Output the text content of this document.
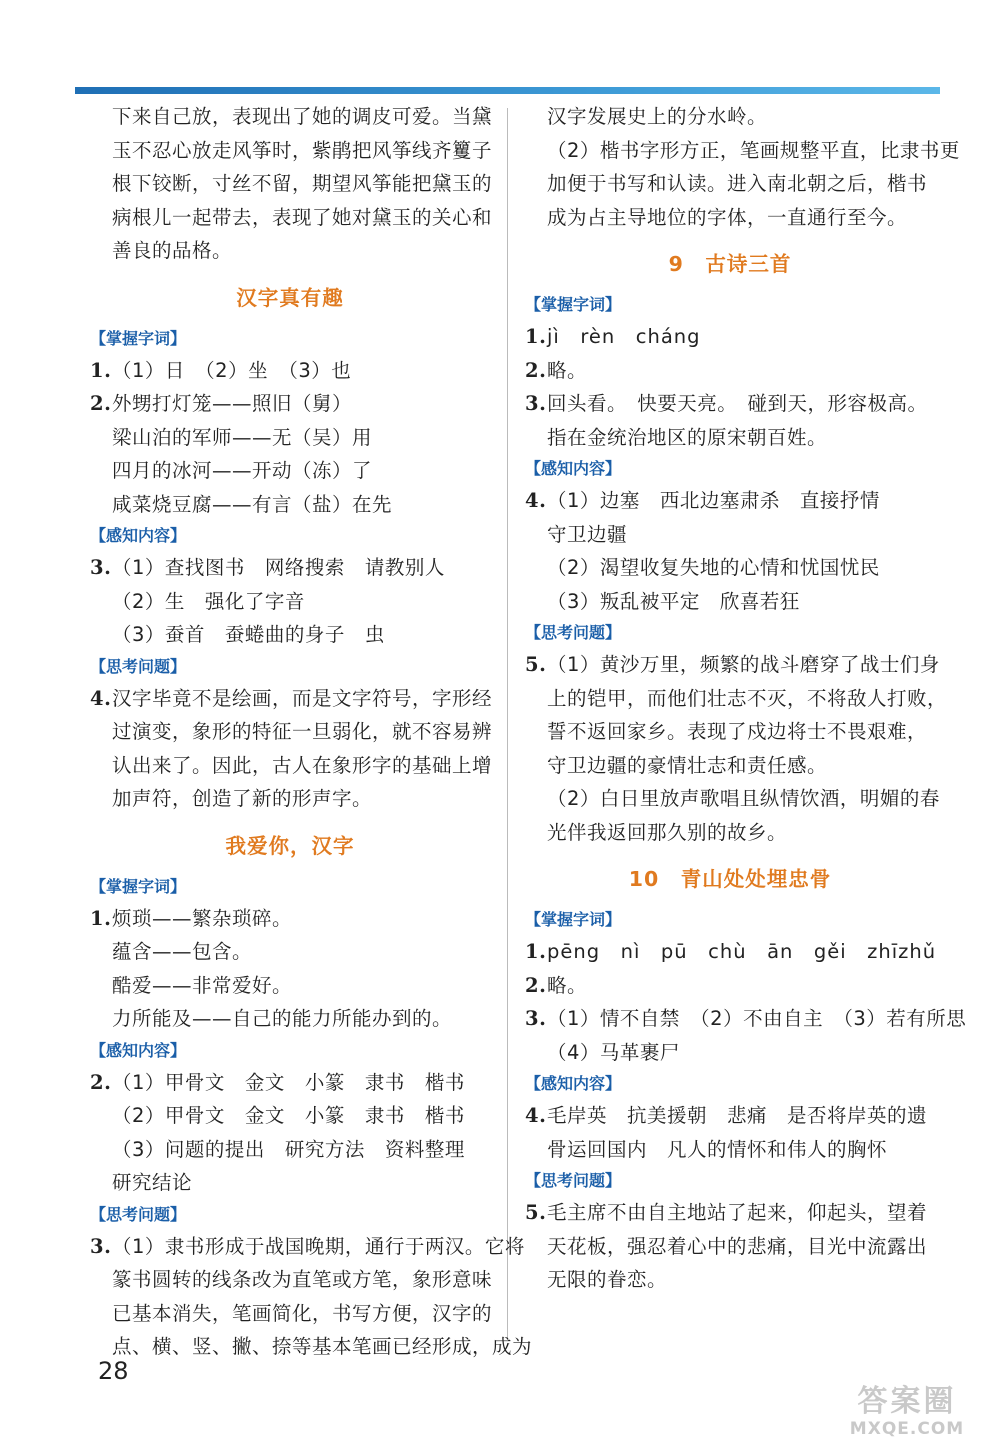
下来自己放，表现出了她的调皮可爱。当黛
玉不忍心放走风筝时，紫鹃把风筝线齐籰子
根下铰断，寸丝不留，期望风筝能把黛玉的
病根儿一起带去，表现了她对黛玉的关心和
善良的品格。
汉字真有趣
【掌握字词】
1.（1）日　（2）坐　（3）也
2.外甥打灯笼——照旧（舅）
梁山泊的军师——无（吴）用
四月的冰河——开动（冻）了
咸菜烧豆腐——有言（盐）在先
【感知内容】
3.（1）查找图书　网络搜索　请教别人
（2）生　强化了字音
（3）蚕首　蚕蜷曲的身子　虫
【思考问题】
4.汉字毕竟不是绘画，而是文字符号，字形经
过演变，象形的特征一旦弱化，就不容易辨
认出来了。因此，古人在象形字的基础上增
加声符，创造了新的形声字。
我爱你，汉字
【掌握字词】
1.烦琐——繁杂琐碎。
蕴含——包含。
酷爱——非常爱好。
力所能及——自己的能力所能办到的。
【感知内容】
2.（1）甲骨文　金文　小篆　隶书　楷书
（2）甲骨文　金文　小篆　隶书　楷书
（3）问题的提出　研究方法　资料整理
研究结论
【思考问题】
3.（1）隶书形成于战国晚期，通行于两汉。它将
篆书圆转的线条改为直笔或方笔，象形意味
已基本消失，笔画简化，书写方便，汉字的
点、横、竖、撇、捺等基本笔画已经形成，成为
汉字发展史上的分水岭。
（2）楷书字形方正，笔画规整平直，比隶书更
加便于书写和认读。进入南北朝之后，楷书
成为占主导地位的字体，一直通行至今。
9　古诗三首
【掌握字词】
1.jì　rèn　cháng
2.略。
3.回头看。　快要天亮。　碰到天，形容极高。
指在金统治地区的原宋朝百姓。
【感知内容】
4.（1）边塞　西北边塞肃杀　直接抒情
守卫边疆
（2）渴望收复失地的心情和忧国忧民
（3）叛乱被平定　欣喜若狂
【思考问题】
5.（1）黄沙万里，频繁的战斗磨穿了战士们身
上的铠甲，而他们壮志不灭，不将敌人打败，
誓不返回家乡。表现了戍边将士不畏艰难，
守卫边疆的豪情壮志和责任感。
（2）白日里放声歌唱且纵情饮酒，明媚的春
光伴我返回那久别的故乡。
10　青山处处埋忠骨
【掌握字词】
1.pēng　nì　pū　chù　ān　gěi　zhīzhǔ
2.略。
3.（1）情不自禁　（2）不由自主　（3）若有所思
（4）马革裹尸
【感知内容】
4.毛岸英　抗美援朝　悲痛　是否将岸英的遗
骨运回国内　凡人的情怀和伟人的胸怀
【思考问题】
5.毛主席不由自主地站了起来，仰起头，望着
天花板，强忍着心中的悲痛，目光中流露出
无限的眷恋。
28
答案圈
MXQE.COM
